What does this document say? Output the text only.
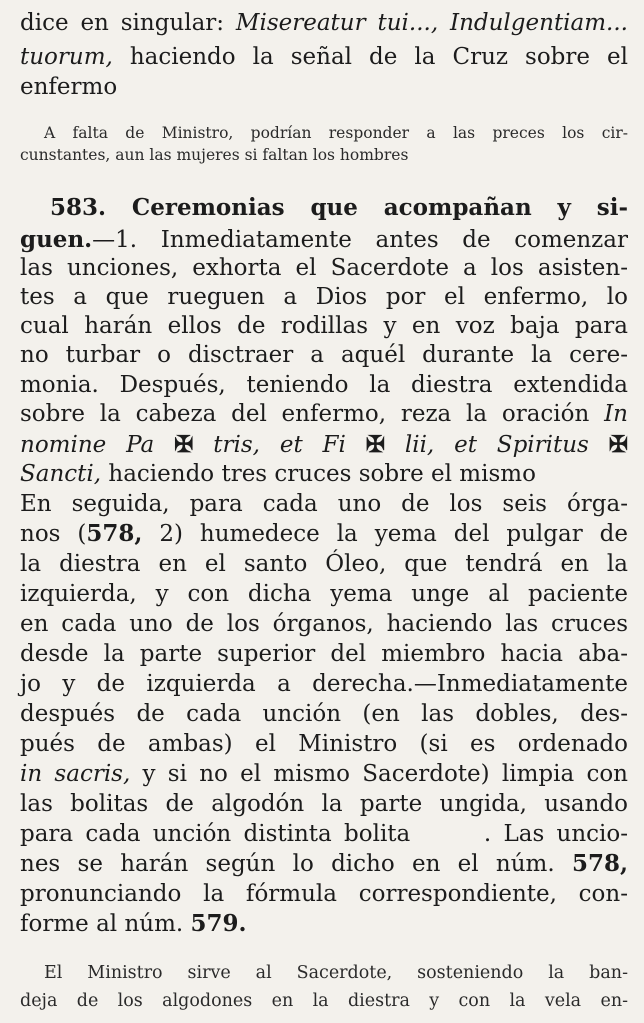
dice en singular: Misereatur tui..., Indulgentiam...
tuorum, haciendo la señal de la Cruz sobre el
enfermo
A falta de Ministro, podrían responder a las preces los cir-
cunstantes, aun las mujeres si faltan los hombres
583. Ceremonias que acompañan y si-
guen.—1. Inmediatamente antes de comenzar
las unciones, exhorta el Sacerdote a los asisten-
tes a que rueguen a Dios por el enfermo, lo
cual harán ellos de rodillas y en voz baja para
no turbar o disctraer a aquél durante la cere-
monia. Después, teniendo la diestra extendida
sobre la cabeza del enfermo, reza la oración In
nomine Pa ✠ tris, et Fi ✠ lii, et Spiritus ✠
Sancti, haciendo tres cruces sobre el mismo
En seguida, para cada uno de los seis órga-
nos (578, 2) humedece la yema del pulgar de
la diestra en el santo Óleo, que tendrá en la
izquierda, y con dicha yema unge al paciente
en cada uno de los órganos, haciendo las cruces
desde la parte superior del miembro hacia aba-
jo y de izquierda a derecha.—Inmediatamente
después de cada unción (en las dobles, des-
pués de ambas) el Ministro (si es ordenado
in sacris, y si no el mismo Sacerdote) limpia con
las bolitas de algodón la parte ungida, usando
para cada unción distinta bolita      . Las uncio-
nes se harán según lo dicho en el núm. 578,
pronunciando la fórmula correspondiente, con-
forme al núm. 579.
El Ministro sirve al Sacerdote, sosteniendo la ban-
deja de los algodones en la diestra y con la vela en-
